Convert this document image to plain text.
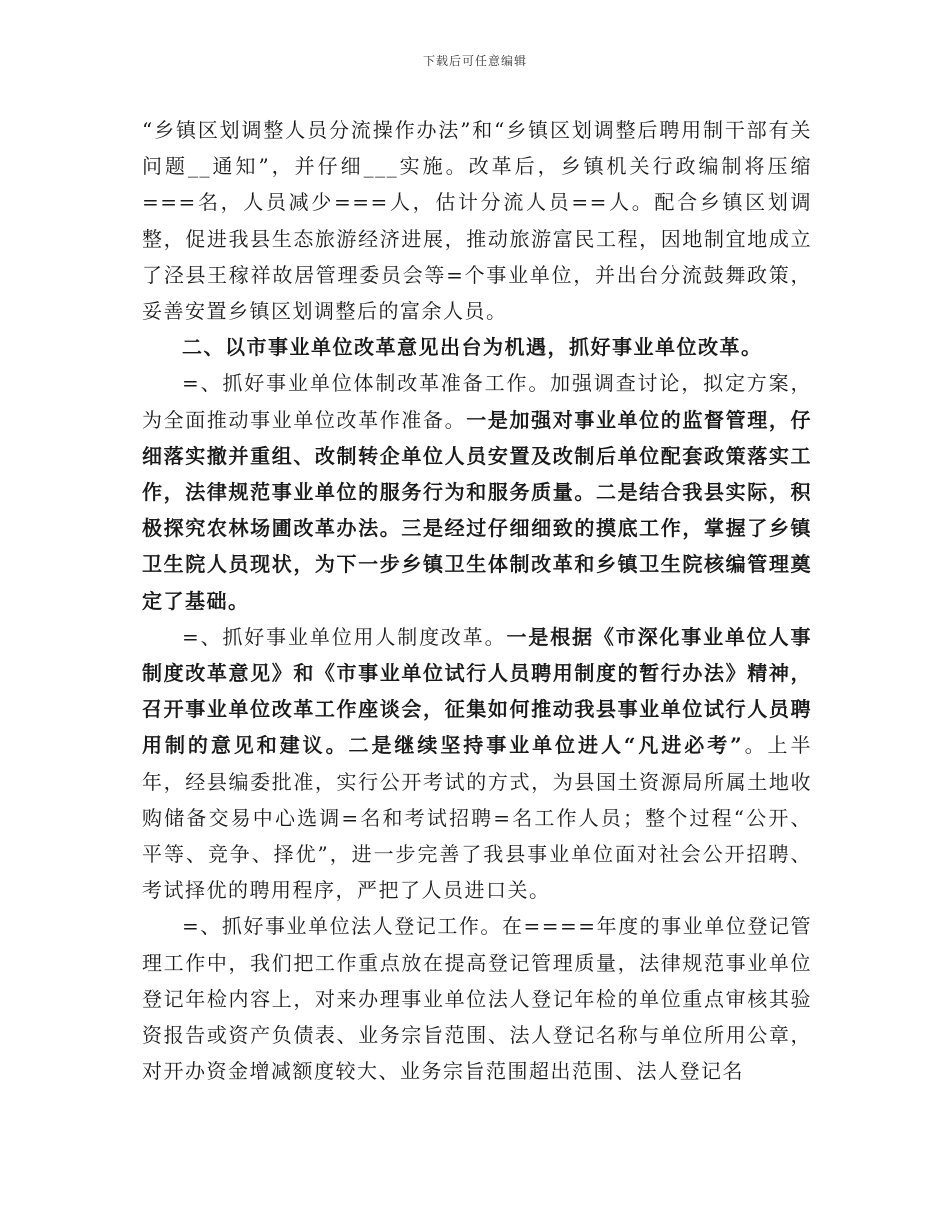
下载后可任意编辑

“乡镇区划调整人员分流操作办法”和“乡镇区划调整后聘用制干部有关问题__通知”，并仔细___实施。改革后，乡镇机关行政编制将压缩===名，人员减少===人，估计分流人员==人。配合乡镇区划调整，促进我县生态旅游经济进展，推动旅游富民工程，因地制宜地成立了泾县王稼祥故居管理委员会等=个事业单位，并出台分流鼓舞政策，妥善安置乡镇区划调整后的富余人员。

二、以市事业单位改革意见出台为机遇，抓好事业单位改革。

=、抓好事业单位体制改革准备工作。加强调查讨论，拟定方案，为全面推动事业单位改革作准备。一是加强对事业单位的监督管理，仔细落实撤并重组、改制转企单位人员安置及改制后单位配套政策落实工作，法律规范事业单位的服务行为和服务质量。二是结合我县实际，积极探究农林场圃改革办法。三是经过仔细细致的摸底工作，掌握了乡镇卫生院人员现状，为下一步乡镇卫生体制改革和乡镇卫生院核编管理奠定了基础。

=、抓好事业单位用人制度改革。一是根据《市深化事业单位人事制度改革意见》和《市事业单位试行人员聘用制度的暂行办法》精神，召开事业单位改革工作座谈会，征集如何推动我县事业单位试行人员聘用制的意见和建议。二是继续坚持事业单位进人“凡进必考”。上半年，经县编委批准，实行公开考试的方式，为县国土资源局所属土地收购储备交易中心选调=名和考试招聘=名工作人员；整个过程“公开、平等、竞争、择优”，进一步完善了我县事业单位面对社会公开招聘、考试择优的聘用程序，严把了人员进口关。

=、抓好事业单位法人登记工作。在====年度的事业单位登记管理工作中，我们把工作重点放在提高登记管理质量，法律规范事业单位登记年检内容上，对来办理事业单位法人登记年检的单位重点审核其验资报告或资产负债表、业务宗旨范围、法人登记名称与单位所用公章，对开办资金增减额度较大、业务宗旨范围超出范围、法人登记名
